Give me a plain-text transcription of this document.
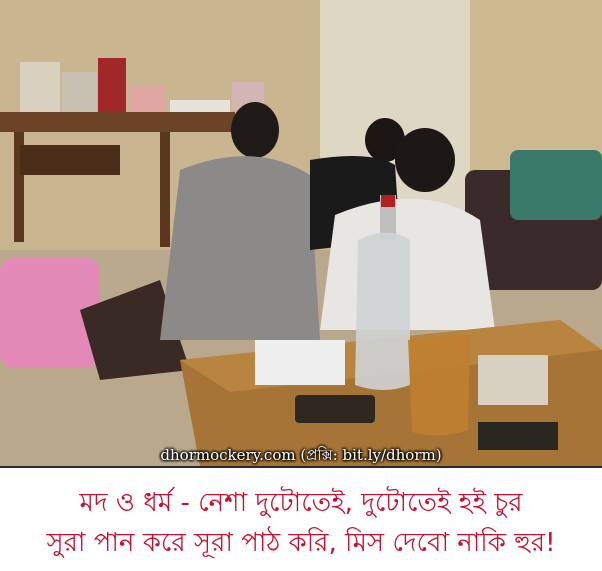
dhormockery.com (প্রক্সি: bit.ly/dhorm)
মদ ও ধর্ম - নেশা দুটোতেই, দুটোতেই হই চুর
সুরা পান করে সূরা পাঠ করি, মিস দেবো নাকি হুর!
